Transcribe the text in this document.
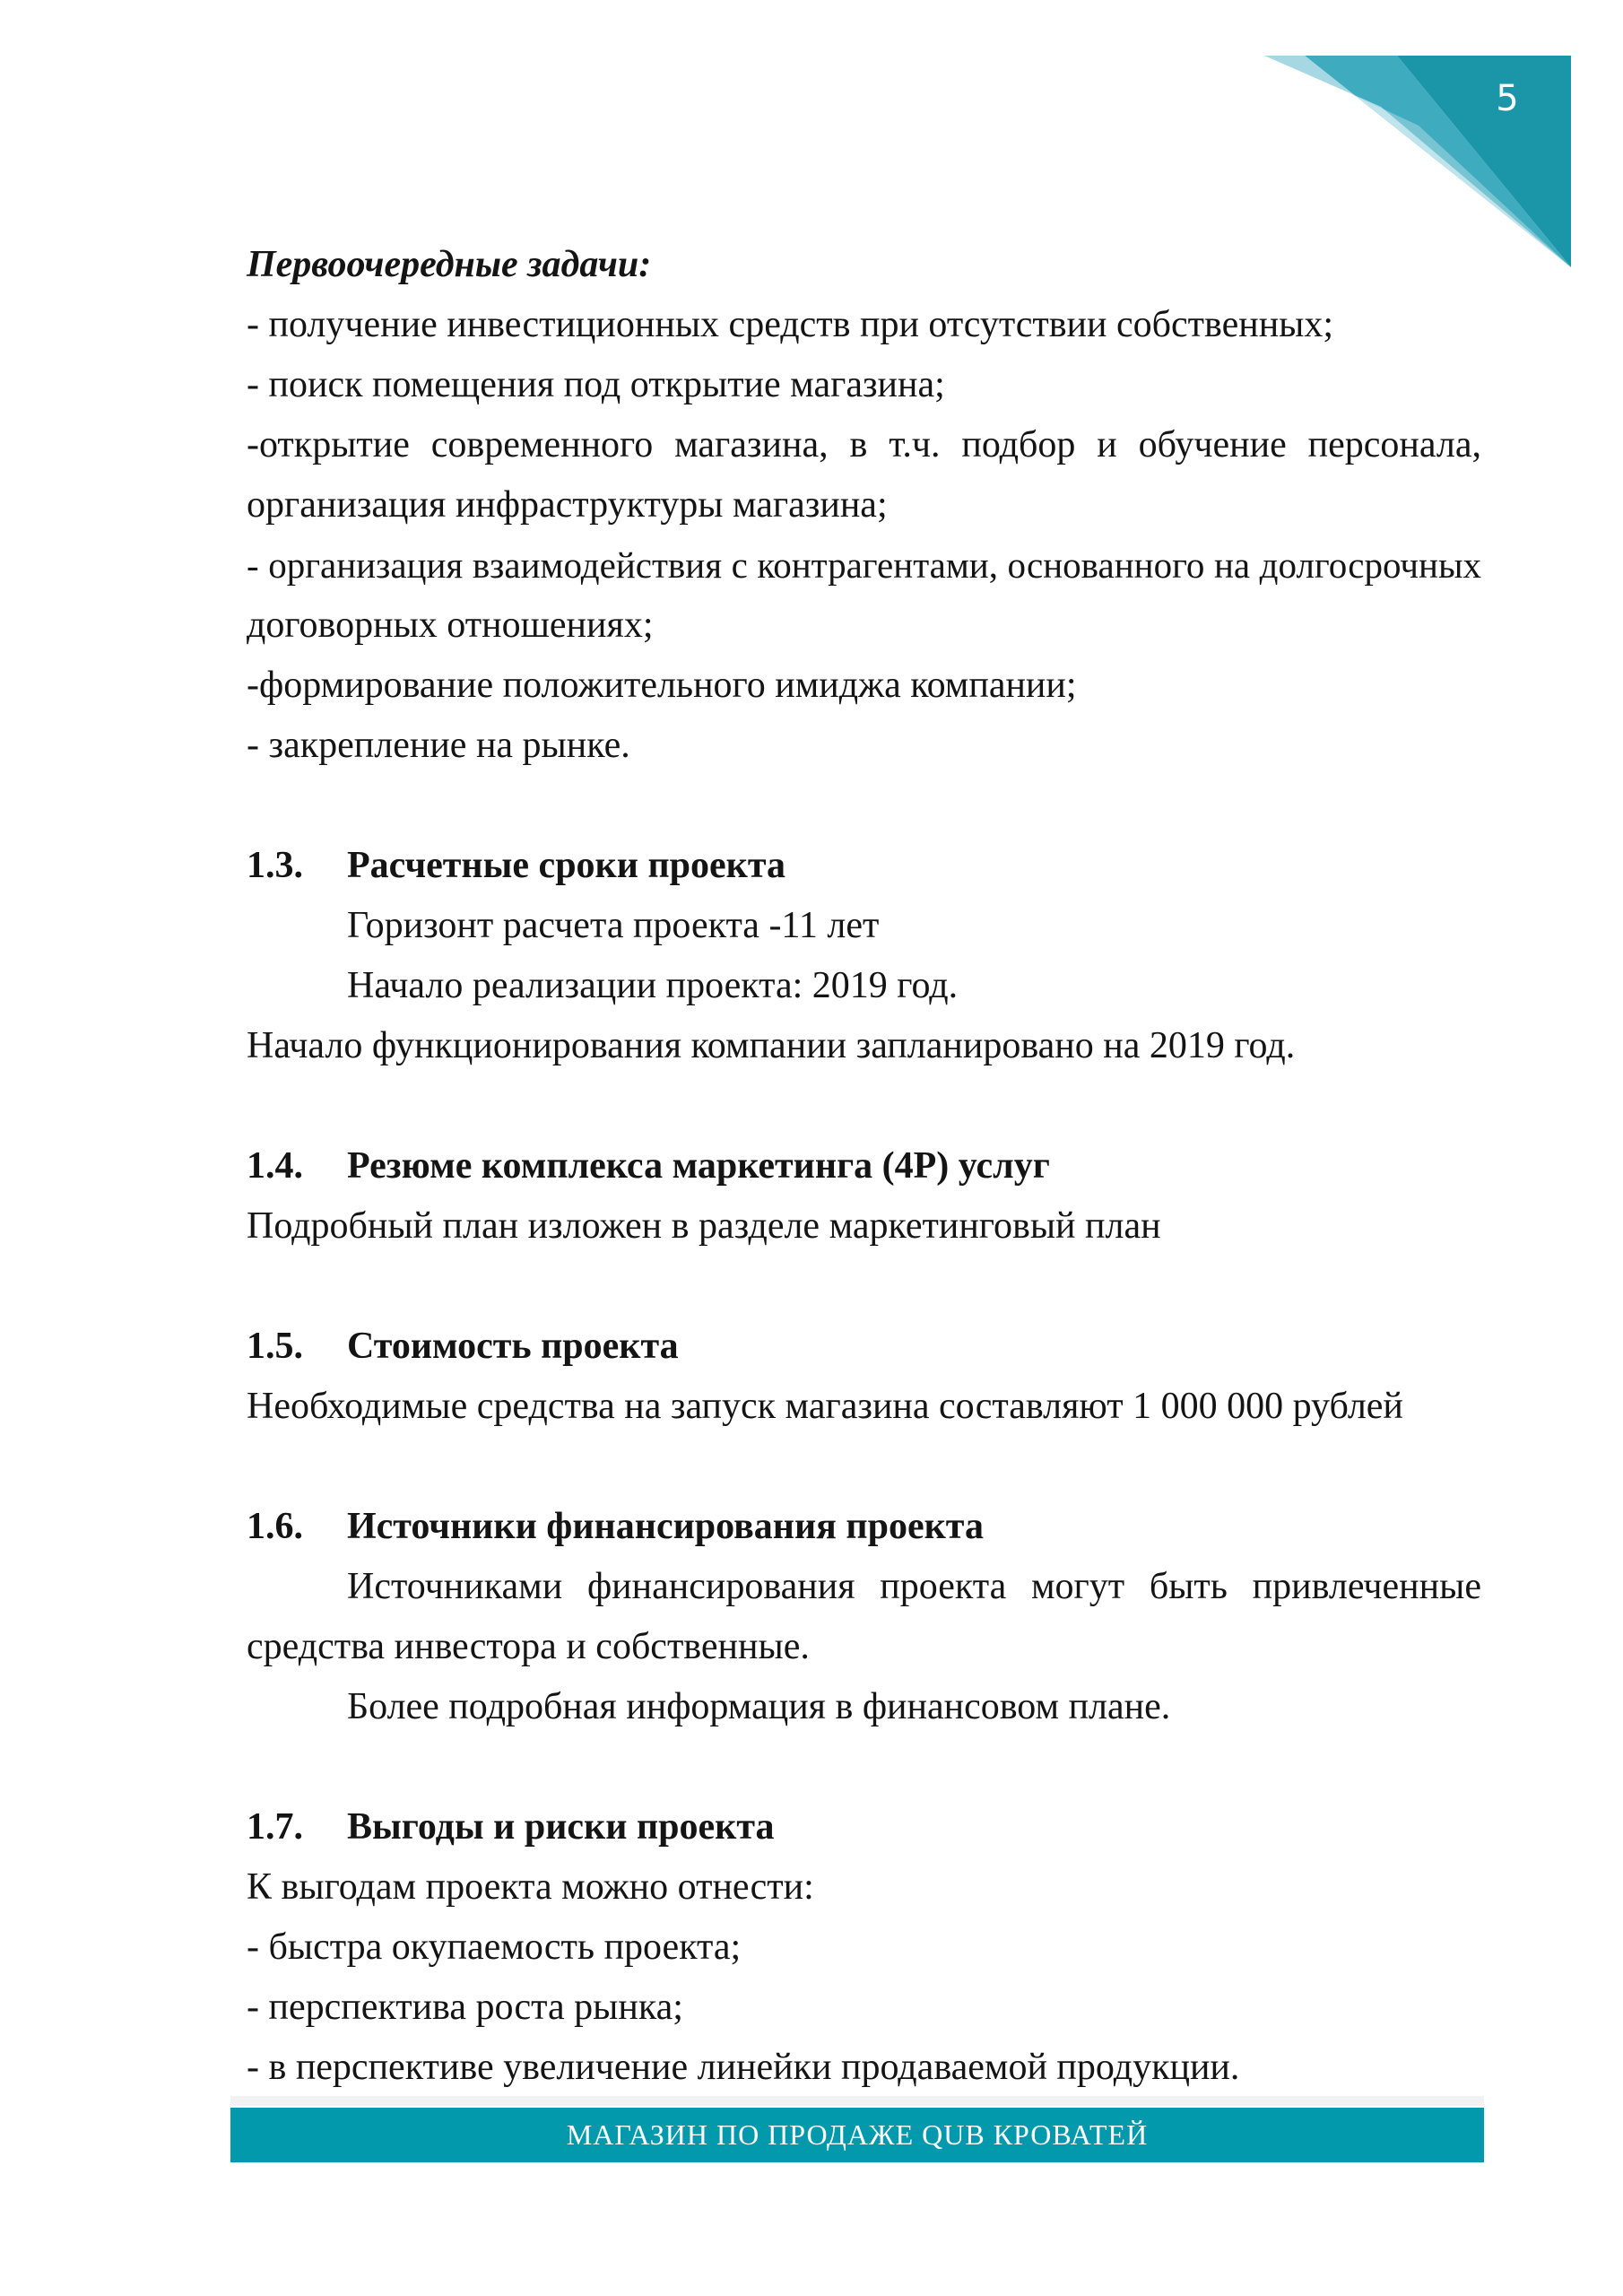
5
Первоочередные задачи:
- получение инвестиционных средств при отсутствии собственных;
- поиск помещения под открытие магазина;
-открытие современного магазина, в т.ч. подбор и обучение персонала,
организация инфраструктуры магазина;
- организация взаимодействия с контрагентами, основанного на долгосрочных
договорных отношениях;
-формирование положительного имиджа компании;
- закрепление на рынке.
1.3. Расчетные сроки проекта
Горизонт расчета проекта -11 лет
Начало реализации проекта: 2019 год.
Начало функционирования компании запланировано на 2019 год.
1.4. Резюме комплекса маркетинга (4P) услуг
Подробный план изложен в разделе маркетинговый план
1.5. Стоимость проекта
Необходимые средства на запуск магазина составляют 1 000 000 рублей
1.6. Источники финансирования проекта
Источниками финансирования проекта могут быть привлеченные
средства инвестора и собственные.
Более подробная информация в финансовом плане.
1.7. Выгоды и риски проекта
К выгодам проекта можно отнести:
- быстра окупаемость проекта;
- перспектива роста рынка;
- в перспективе увеличение линейки продаваемой продукции.
МАГАЗИН ПО ПРОДАЖЕ QUB КРОВАТЕЙ
